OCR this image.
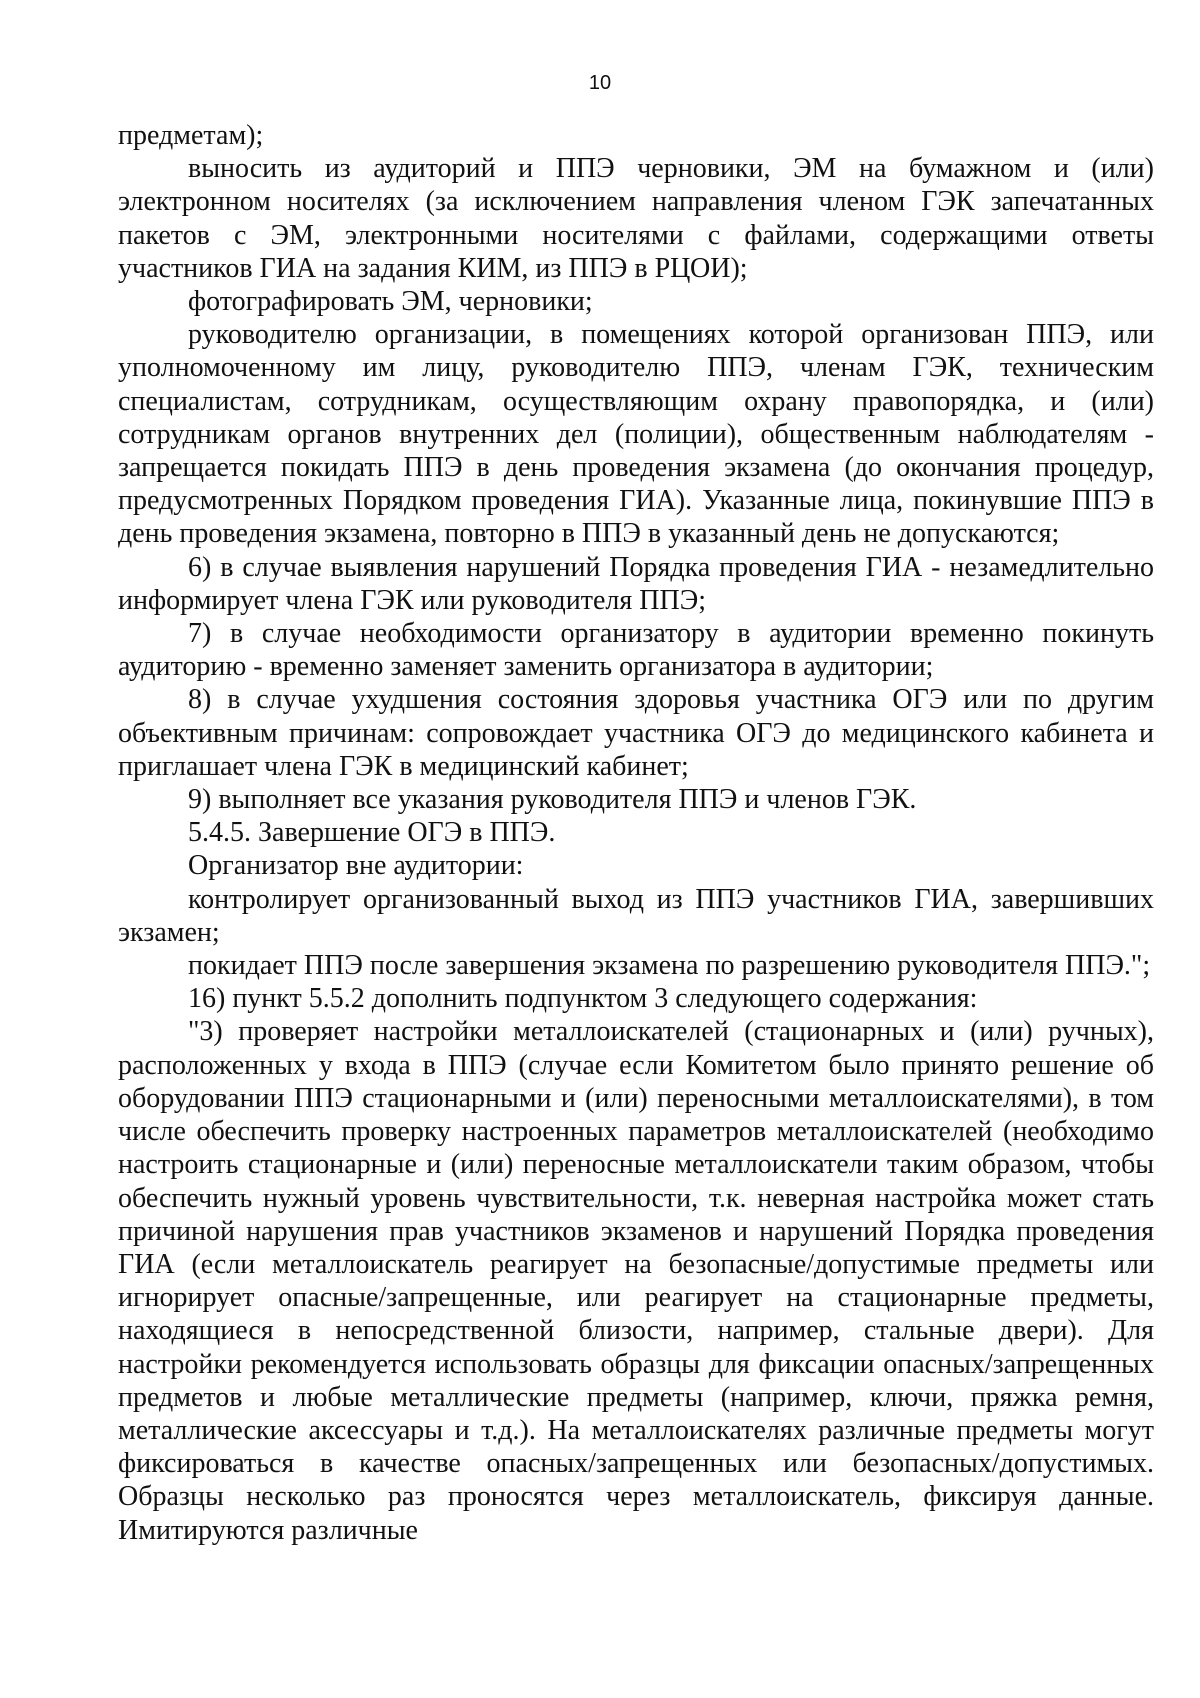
10

предметам);

выносить из аудиторий и ППЭ черновики, ЭМ на бумажном и (или) электронном носителях (за исключением направления членом ГЭК запечатанных пакетов с ЭМ, электронными носителями с файлами, содержащими ответы участников ГИА на задания КИМ, из ППЭ в РЦОИ);

фотографировать ЭМ, черновики;

руководителю организации, в помещениях которой организован ППЭ, или уполномоченному им лицу, руководителю ППЭ, членам ГЭК, техническим специалистам, сотрудникам, осуществляющим охрану правопорядка, и (или) сотрудникам органов внутренних дел (полиции), общественным наблюдателям - запрещается покидать ППЭ в день проведения экзамена (до окончания процедур, предусмотренных Порядком проведения ГИА). Указанные лица, покинувшие ППЭ в день проведения экзамена, повторно в ППЭ в указанный день не допускаются;

6) в случае выявления нарушений Порядка проведения ГИА - незамедлительно информирует члена ГЭК или руководителя ППЭ;

7) в случае необходимости организатору в аудитории временно покинуть аудиторию - временно заменяет заменить организатора в аудитории;

8) в случае ухудшения состояния здоровья участника ОГЭ или по другим объективным причинам: сопровождает участника ОГЭ до медицинского кабинета и приглашает члена ГЭК в медицинский кабинет;

9) выполняет все указания руководителя ППЭ и членов ГЭК.

5.4.5. Завершение ОГЭ в ППЭ.

Организатор вне аудитории:

контролирует организованный выход из ППЭ участников ГИА, завершивших экзамен;

покидает ППЭ после завершения экзамена по разрешению руководителя ППЭ.";

16) пункт 5.5.2 дополнить подпунктом 3 следующего содержания:

"3) проверяет настройки металлоискателей (стационарных и (или) ручных), расположенных у входа в ППЭ (случае если Комитетом было принято решение об оборудовании ППЭ стационарными и (или) переносными металлоискателями), в том числе обеспечить проверку настроенных параметров металлоискателей (необходимо настроить стационарные и (или) переносные металлоискатели таким образом, чтобы обеспечить нужный уровень чувствительности, т.к. неверная настройка может стать причиной нарушения прав участников экзаменов и нарушений Порядка проведения ГИА (если металлоискатель реагирует на безопасные/допустимые предметы или игнорирует опасные/запрещенные, или реагирует на стационарные предметы, находящиеся в непосредственной близости, например, стальные двери). Для настройки рекомендуется использовать образцы для фиксации опасных/запрещенных предметов и любые металлические предметы (например, ключи, пряжка ремня, металлические аксессуары и т.д.). На металлоискателях различные предметы могут фиксироваться в качестве опасных/запрещенных или безопасных/допустимых. Образцы несколько раз проносятся через металлоискатель, фиксируя данные. Имитируются различные
